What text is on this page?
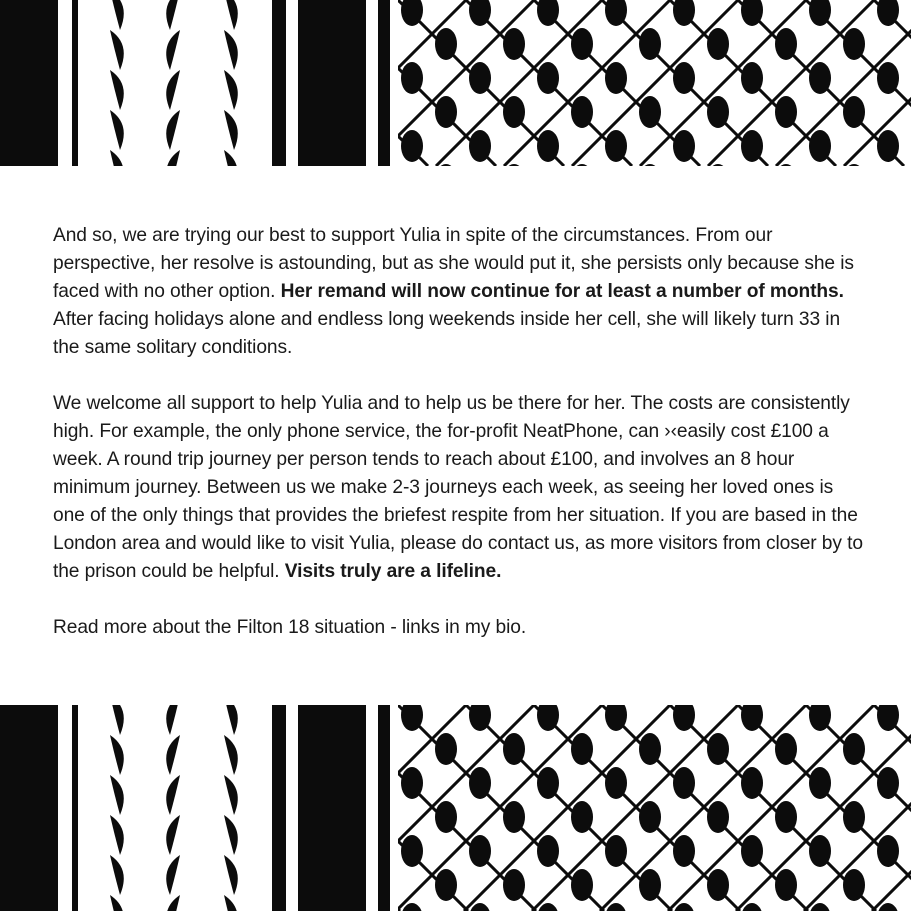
And so, we are trying our best to support Yulia in spite of the circumstances. From our perspective, her resolve is astounding, but as she would put it, she persists only because she is faced with no other option. Her remand will now continue for at least a number of months. After facing holidays alone and endless long weekends inside her cell, she will likely turn 33 in the same solitary conditions.

We welcome all support to help Yulia and to help us be there for her. The costs are consistently high. For example, the only phone service, the for-profit NeatPhone, can ›‹easily cost £100 a week. A round trip journey per person tends to reach about £100, and involves an 8 hour minimum journey. Between us we make 2-3 journeys each week, as seeing her loved ones is one of the only things that provides the briefest respite from her situation. If you are based in the London area and would like to visit Yulia, please do contact us, as more visitors from closer by to the prison could be helpful. Visits truly are a lifeline.

Read more about the Filton 18 situation - links in my bio.
